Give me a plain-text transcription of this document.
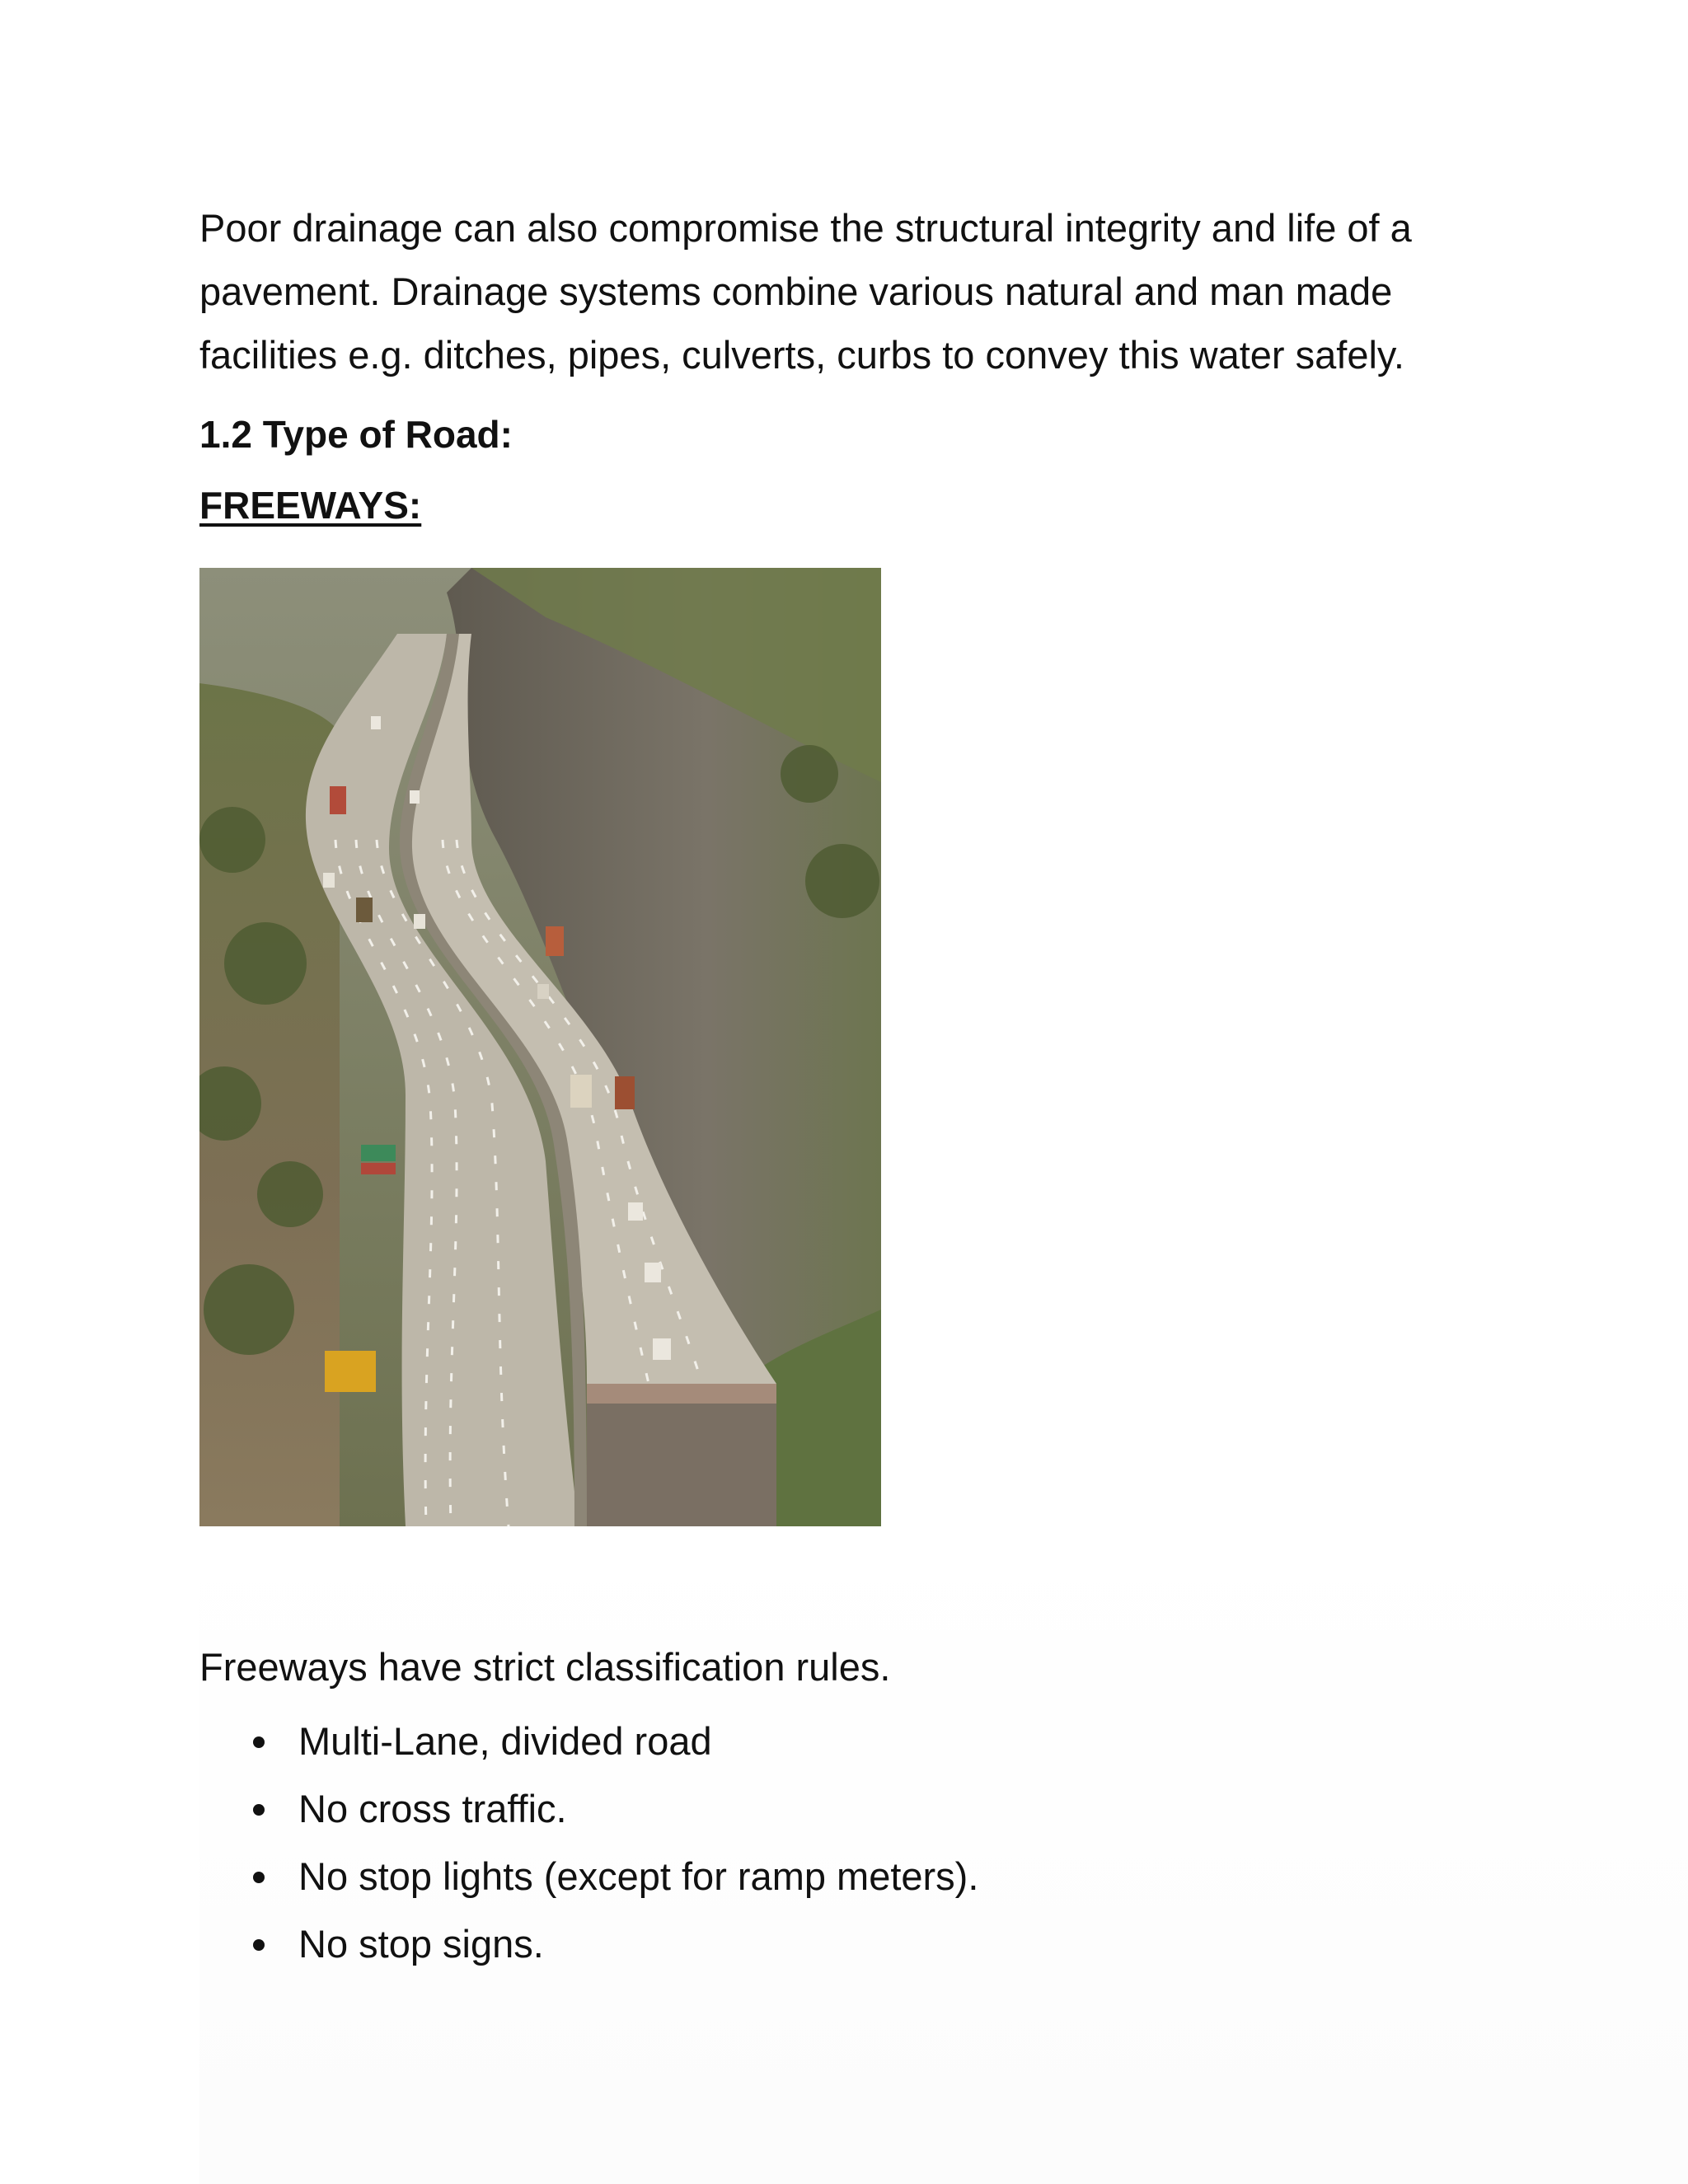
Poor drainage can also compromise the structural integrity and life of a pavement. Drainage systems combine various natural and man made facilities e.g. ditches, pipes, culverts, curbs to convey this water safely.

1.2 Type of Road:
FREEWAYS:

Freeways have strict classification rules.

Multi-Lane, divided road
No cross traffic.
No stop lights (except for ramp meters).
No stop signs.
